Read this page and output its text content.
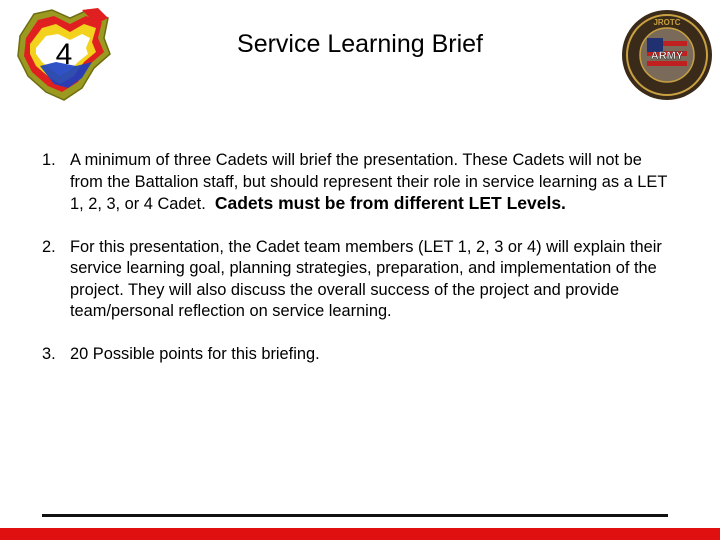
4	Service Learning Brief
JROTC
ARMY
1. A minimum of three Cadets will brief the presentation. These Cadets will not be from the Battalion staff, but should represent their role in service learning as a LET 1, 2, 3, or 4 Cadet. Cadets must be from different LET Levels.
2. For this presentation, the Cadet team members (LET 1, 2, 3 or 4) will explain their service learning goal, planning strategies, preparation, and implementation of the project. They will also discuss the overall success of the project and provide team/personal reflection on service learning.
3. 20 Possible points for this briefing.
